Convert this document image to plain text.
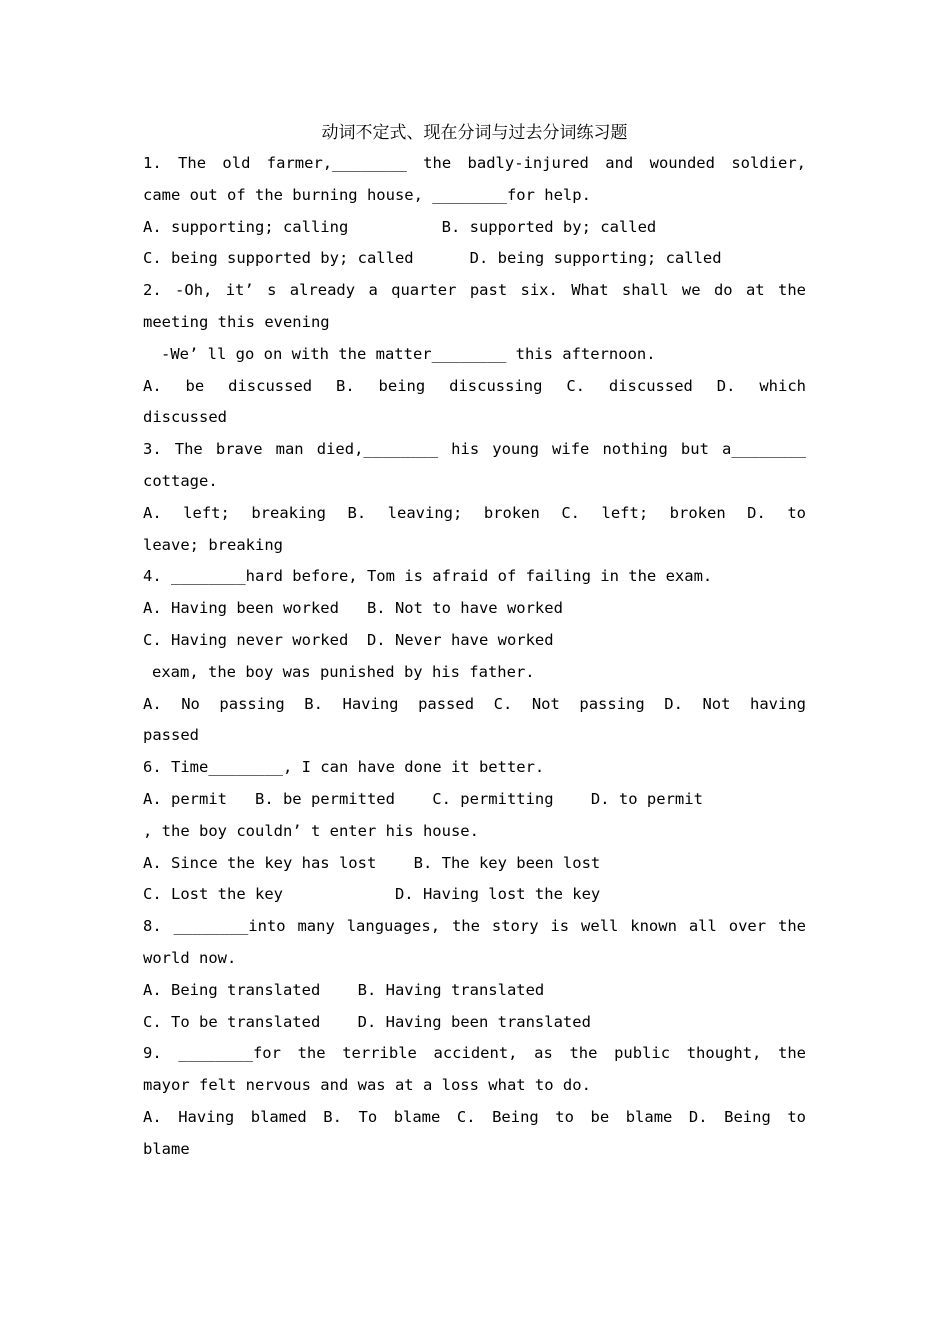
动词不定式、现在分词与过去分词练习题
1. The old farmer,________ the badly-injured and wounded soldier,
came out of the burning house, ________for help.
A. supporting; calling          B. supported by; called
C. being supported by; called      D. being supporting; called
2. -Oh, it’ s already a quarter past six. What shall we do at the
meeting this evening
-We’ ll go on with the matter________ this afternoon.
A. be discussed B. being discussing C. discussed D. which
discussed
3. The brave man died,________ his young wife nothing but a________
cottage.
A. left; breaking B. leaving; broken C. left; broken D. to
leave; breaking
4. ________hard before, Tom is afraid of failing in the exam.
A. Having been worked   B. Not to have worked
C. Having never worked  D. Never have worked
exam, the boy was punished by his father.
A. No passing B. Having passed C. Not passing D. Not having
passed
6. Time________, I can have done it better.
A. permit   B. be permitted    C. permitting    D. to permit
, the boy couldn’ t enter his house.
A. Since the key has lost    B. The key been lost
C. Lost the key            D. Having lost the key
8. ________into many languages, the story is well known all over the
world now.
A. Being translated    B. Having translated
C. To be translated    D. Having been translated
9. ________for the terrible accident, as the public thought, the
mayor felt nervous and was at a loss what to do.
A. Having blamed B. To blame C. Being to be blame D. Being to
blame
